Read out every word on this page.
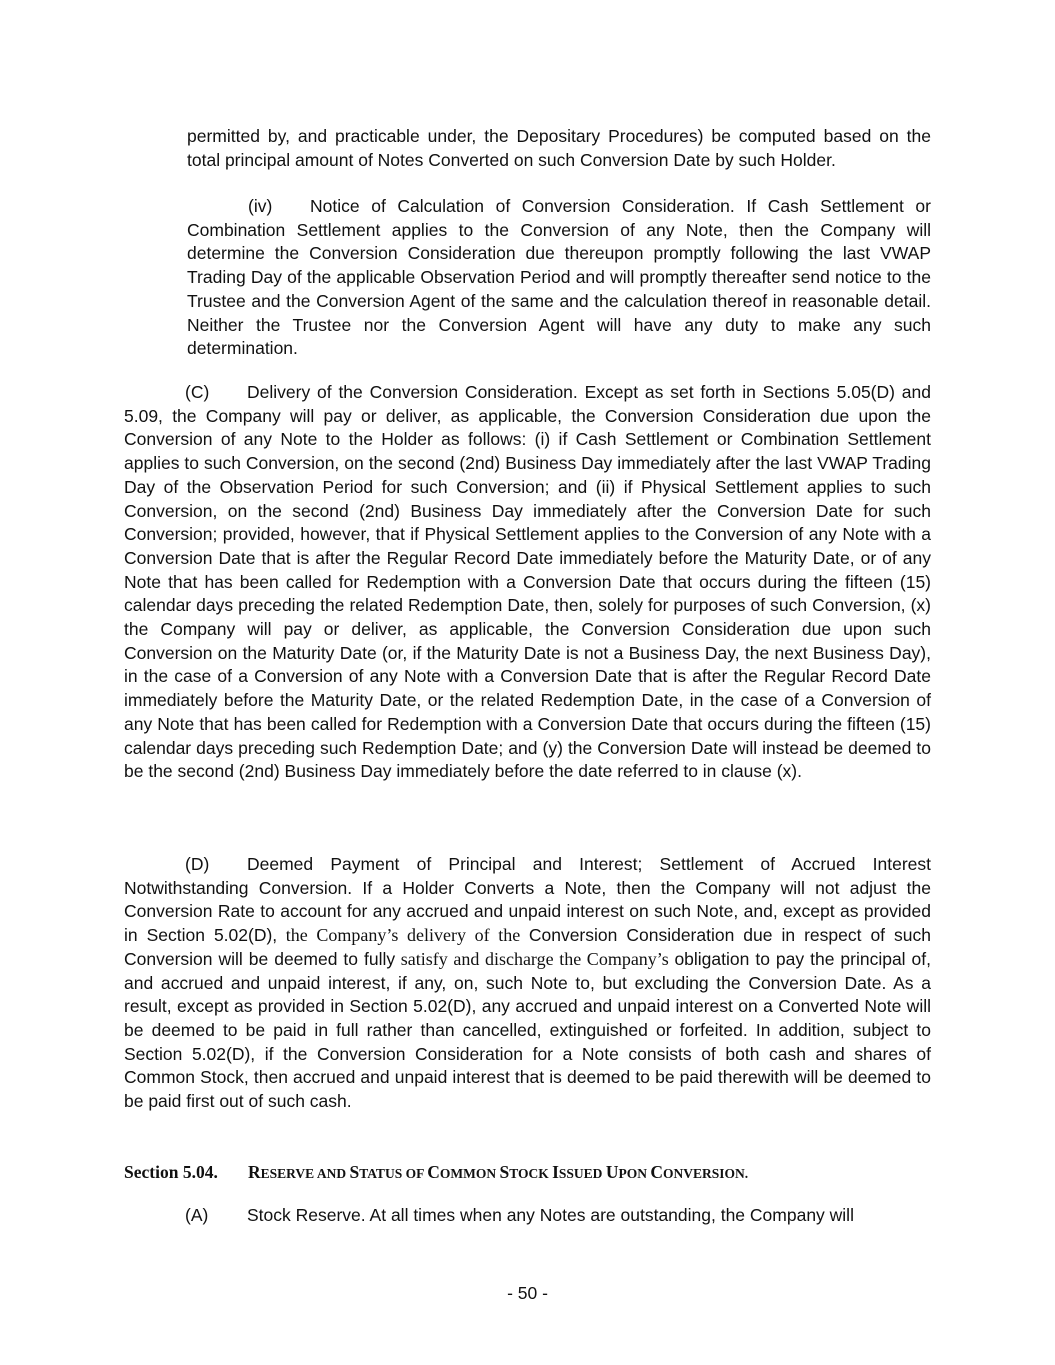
permitted by, and practicable under, the Depositary Procedures) be computed based on the total principal amount of Notes Converted on such Conversion Date by such Holder.

(iv) Notice of Calculation of Conversion Consideration. If Cash Settlement or Combination Settlement applies to the Conversion of any Note, then the Company will determine the Conversion Consideration due thereupon promptly following the last VWAP Trading Day of the applicable Observation Period and will promptly thereafter send notice to the Trustee and the Conversion Agent of the same and the calculation thereof in reasonable detail. Neither the Trustee nor the Conversion Agent will have any duty to make any such determination.

(C) Delivery of the Conversion Consideration. Except as set forth in Sections 5.05(D) and 5.09, the Company will pay or deliver, as applicable, the Conversion Consideration due upon the Conversion of any Note to the Holder as follows: (i) if Cash Settlement or Combination Settlement applies to such Conversion, on the second (2nd) Business Day immediately after the last VWAP Trading Day of the Observation Period for such Conversion; and (ii) if Physical Settlement applies to such Conversion, on the second (2nd) Business Day immediately after the Conversion Date for such Conversion; provided, however, that if Physical Settlement applies to the Conversion of any Note with a Conversion Date that is after the Regular Record Date immediately before the Maturity Date, or of any Note that has been called for Redemption with a Conversion Date that occurs during the fifteen (15) calendar days preceding the related Redemption Date, then, solely for purposes of such Conversion, (x) the Company will pay or deliver, as applicable, the Conversion Consideration due upon such Conversion on the Maturity Date (or, if the Maturity Date is not a Business Day, the next Business Day), in the case of a Conversion of any Note with a Conversion Date that is after the Regular Record Date immediately before the Maturity Date, or the related Redemption Date, in the case of a Conversion of any Note that has been called for Redemption with a Conversion Date that occurs during the fifteen (15) calendar days preceding such Redemption Date; and (y) the Conversion Date will instead be deemed to be the second (2nd) Business Day immediately before the date referred to in clause (x).

(D) Deemed Payment of Principal and Interest; Settlement of Accrued Interest Notwithstanding Conversion. If a Holder Converts a Note, then the Company will not adjust the Conversion Rate to account for any accrued and unpaid interest on such Note, and, except as provided in Section 5.02(D), the Company’s delivery of the Conversion Consideration due in respect of such Conversion will be deemed to fully satisfy and discharge the Company’s obligation to pay the principal of, and accrued and unpaid interest, if any, on, such Note to, but excluding the Conversion Date. As a result, except as provided in Section 5.02(D), any accrued and unpaid interest on a Converted Note will be deemed to be paid in full rather than cancelled, extinguished or forfeited. In addition, subject to Section 5.02(D), if the Conversion Consideration for a Note consists of both cash and shares of Common Stock, then accrued and unpaid interest that is deemed to be paid therewith will be deemed to be paid first out of such cash.

Section 5.04. RESERVE AND STATUS OF COMMON STOCK ISSUED UPON CONVERSION.

(A) Stock Reserve. At all times when any Notes are outstanding, the Company will

- 50 -
